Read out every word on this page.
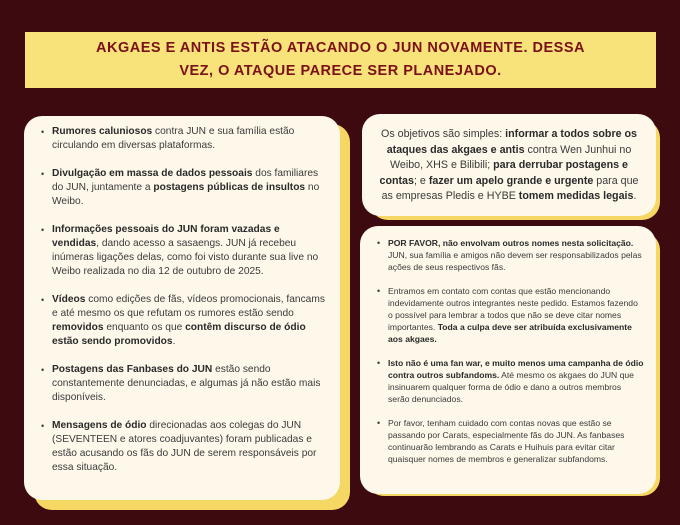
AKGAES E ANTIS ESTÃO ATACANDO O JUN NOVAMENTE. DESSA
VEZ, O ATAQUE PARECE SER PLANEJADO.
• Rumores caluniosos contra JUN e sua família estão circulando em diversas plataformas.
• Divulgação em massa de dados pessoais dos familiares do JUN, juntamente a postagens públicas de insultos no Weibo.
• Informações pessoais do JUN foram vazadas e vendidas, dando acesso a sasaengs. JUN já recebeu inúmeras ligações delas, como foi visto durante sua live no Weibo realizada no dia 12 de outubro de 2025.
• Vídeos como edições de fãs, vídeos promocionais, fancams e até mesmo os que refutam os rumores estão sendo removidos enquanto os que contêm discurso de ódio estão sendo promovidos.
• Postagens das Fanbases do JUN estão sendo constantemente denunciadas, e algumas já não estão mais disponíveis.
• Mensagens de ódio direcionadas aos colegas do JUN (SEVENTEEN e atores coadjuvantes) foram publicadas e estão acusando os fãs do JUN de serem responsáveis por essa situação.
Os objetivos são simples: informar a todos sobre os ataques das akgaes e antis contra Wen Junhui no Weibo, XHS e Bilibili; para derrubar postagens e contas; e fazer um apelo grande e urgente para que as empresas Pledis e HYBE tomem medidas legais.
• POR FAVOR, não envolvam outros nomes nesta solicitação. JUN, sua família e amigos não devem ser responsabilizados pelas ações de seus respectivos fãs.
• Entramos em contato com contas que estão mencionando indevidamente outros integrantes neste pedido. Estamos fazendo o possível para lembrar a todos que não se deve citar nomes importantes. Toda a culpa deve ser atribuída exclusivamente aos akgaes.
• Isto não é uma fan war, e muito menos uma campanha de ódio contra outros subfandoms. Até mesmo os akgaes do JUN que insinuarem qualquer forma de ódio e dano a outros membros serão denunciados.
• Por favor, tenham cuidado com contas novas que estão se passando por Carats, especialmente fãs do JUN. As fanbases continuarão lembrando as Carats e Huihuis para evitar citar quaisquer nomes de membros e generalizar subfandoms.
